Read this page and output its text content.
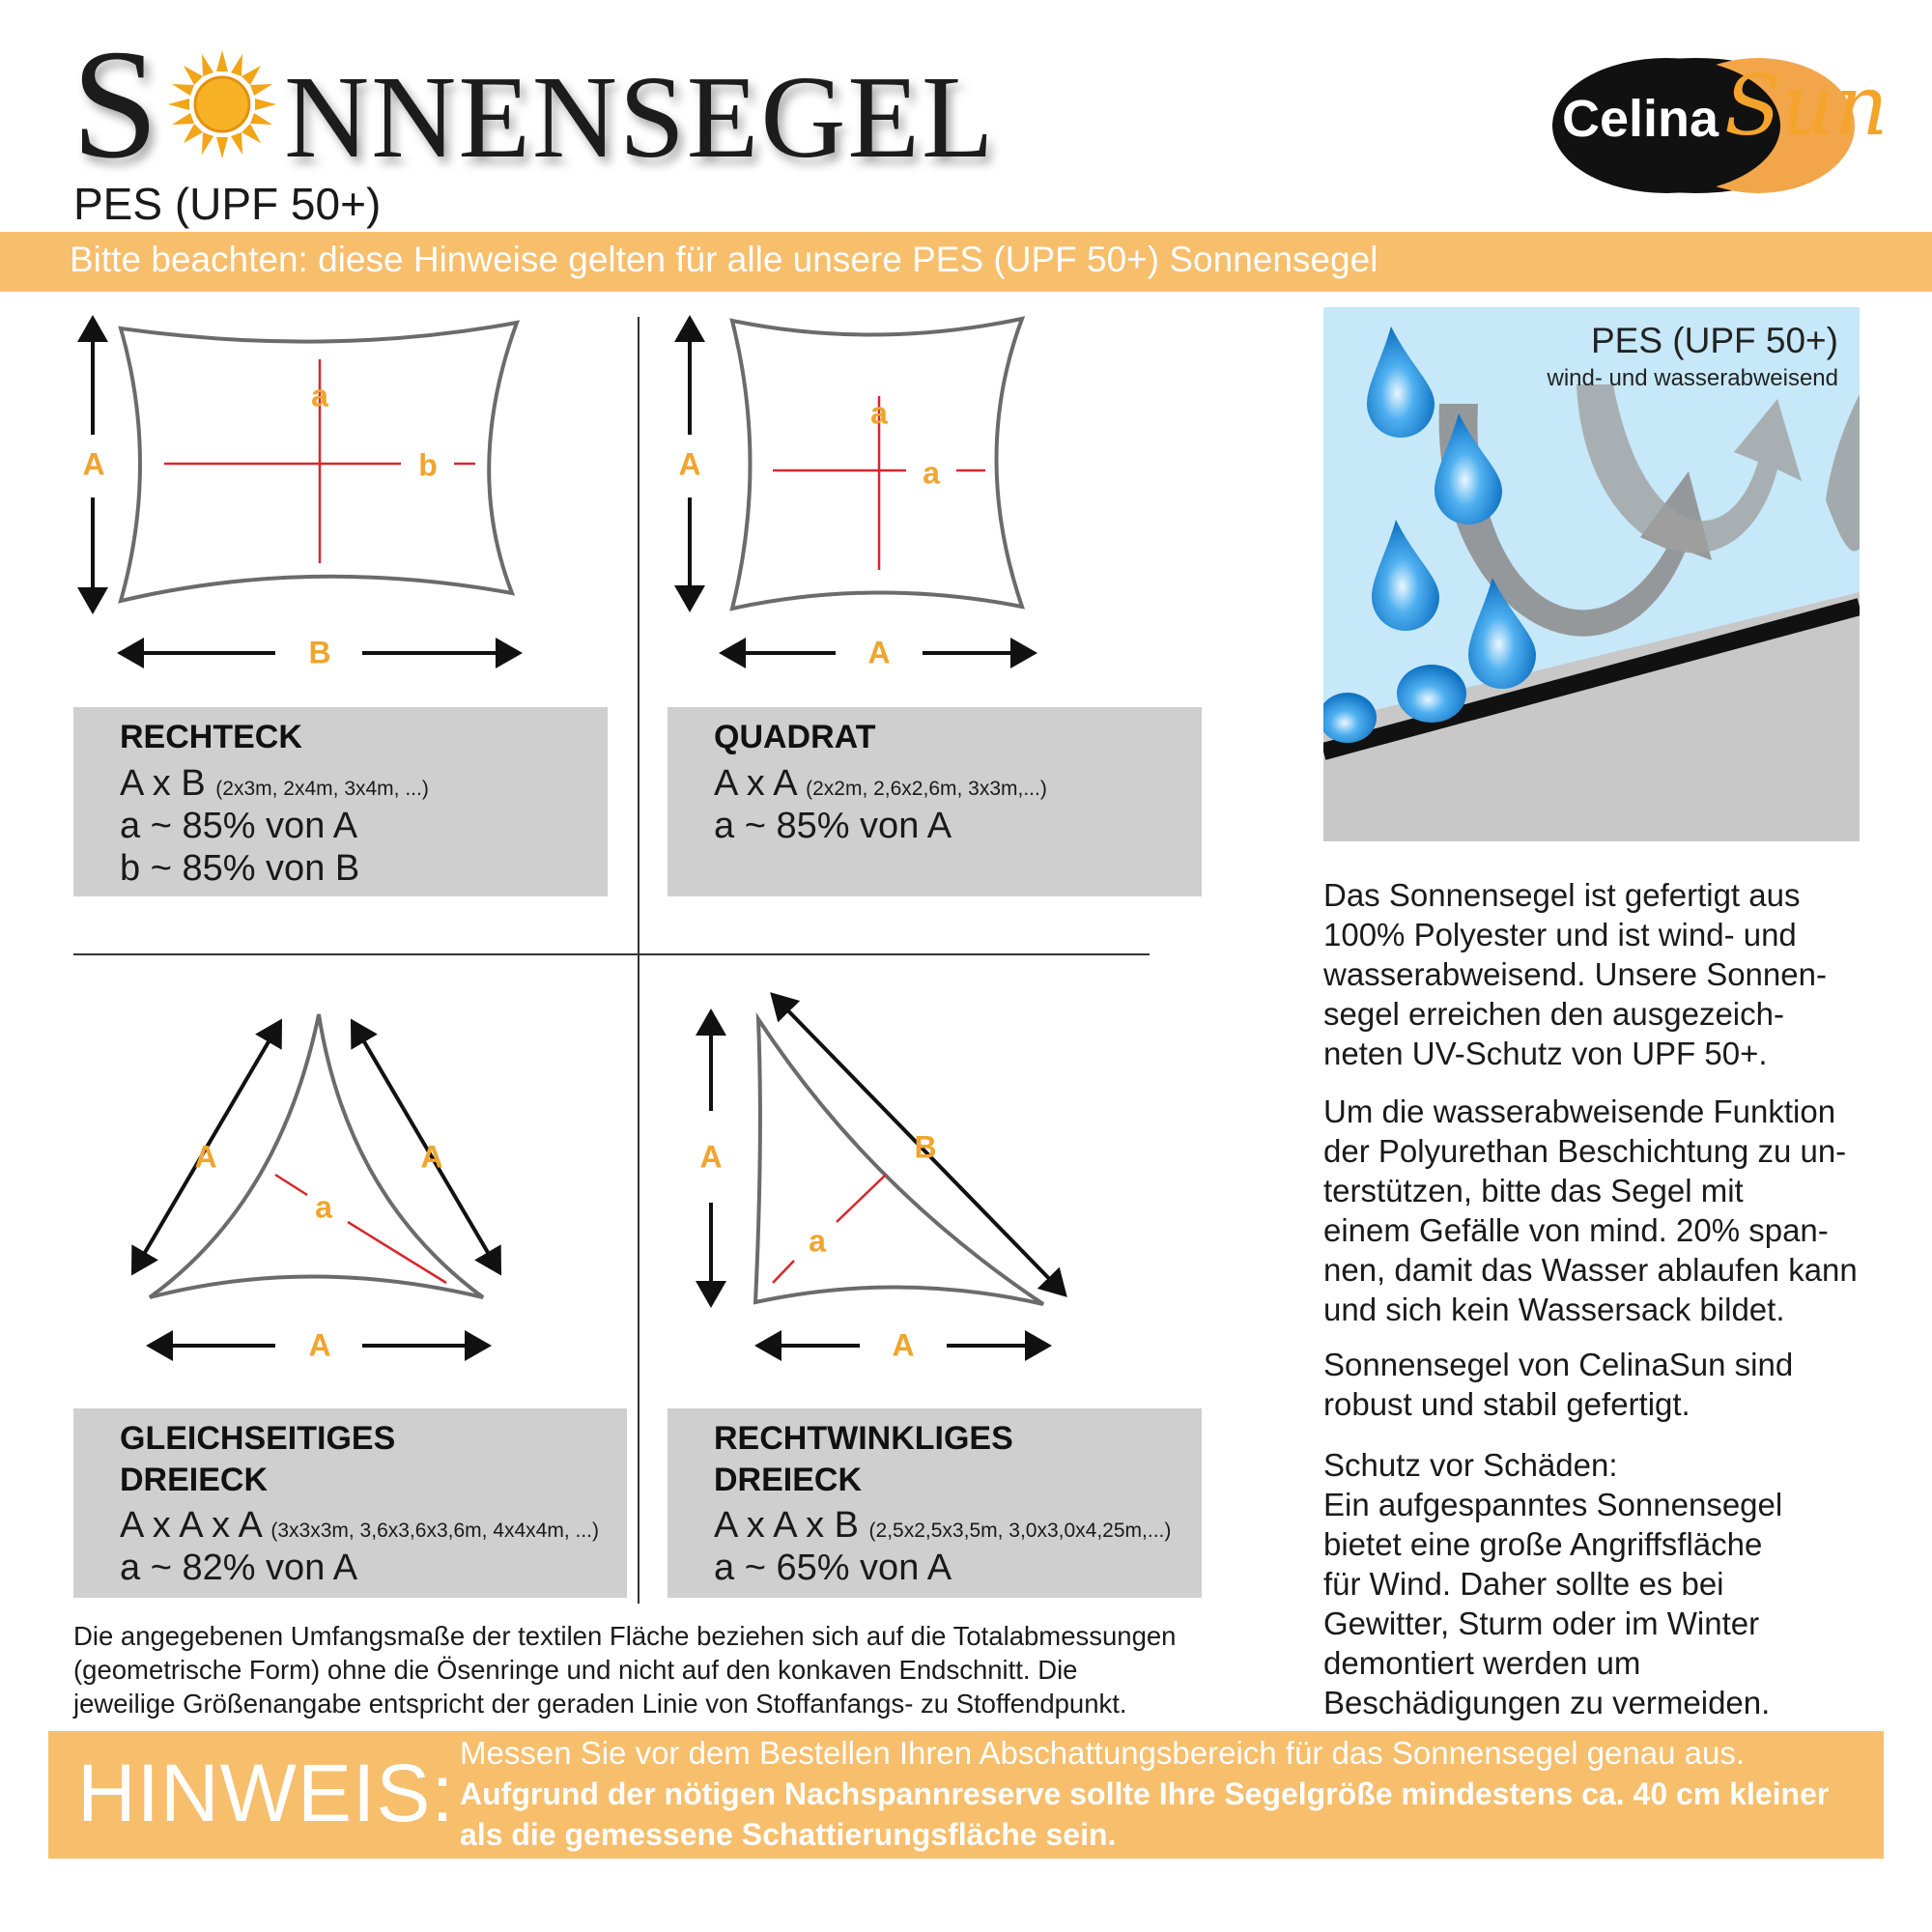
S NNENSEGEL
PES (UPF 50+)
Celina Sun
Bitte beachten: diese Hinweise gelten für alle unsere PES (UPF 50+) Sonnensegel
A
B
a
b	A
A
a
a
A	A
A
a
A	B
A
a
RECHTECK
A x B (2x3m, 2x4m, 3x4m, ...)
a ~ 85% von A
b ~ 85% von B
QUADRAT
A x A (2x2m, 2,6x2,6m, 3x3m,...)
a ~ 85% von A
GLEICHSEITIGES
DREIECK
A x A x A (3x3x3m, 3,6x3,6x3,6m, 4x4x4m, ...)
a ~ 82% von A
RECHTWINKLIGES
DREIECK
A x A x B (2,5x2,5x3,5m, 3,0x3,0x4,25m,...)
a ~ 65% von A
PES (UPF 50+)
wind- und wasserabweisend

Das Sonnensegel ist gefertigt aus

100% Polyester und ist wind- und

wasserabweisend. Unsere Sonnen-

segel erreichen den ausgezeich-

neten UV-Schutz von UPF 50+.

Um die wasserabweisende Funktion

der Polyurethan Beschichtung zu un-

terstützen, bitte das Segel mit

einem Gefälle von mind. 20% span-

nen, damit das Wasser ablaufen kann

und sich kein Wassersack bildet.

Sonnensegel von CelinaSun sind

robust und stabil gefertigt.

Schutz vor Schäden:

Ein aufgespanntes Sonnensegel

bietet eine große Angriffsfläche

für Wind. Daher sollte es bei

Gewitter, Sturm oder im Winter

demontiert werden um

Beschädigungen zu vermeiden.

Die angegebenen Umfangsmaße der textilen Fläche beziehen sich auf die Totalabmessungen

(geometrische Form) ohne die Ösenringe und nicht auf den konkaven Endschnitt. Die

jeweilige Größenangabe entspricht der geraden Linie von Stoffanfangs- zu Stoffendpunkt.

HINWEIS: Messen Sie vor dem Bestellen Ihren Abschattungsbereich für das Sonnensegel genau aus.
Aufgrund der nötigen Nachspannreserve sollte Ihre Segelgröße mindestens ca. 40 cm kleiner als die gemessene Schattierungsfläche sein.
